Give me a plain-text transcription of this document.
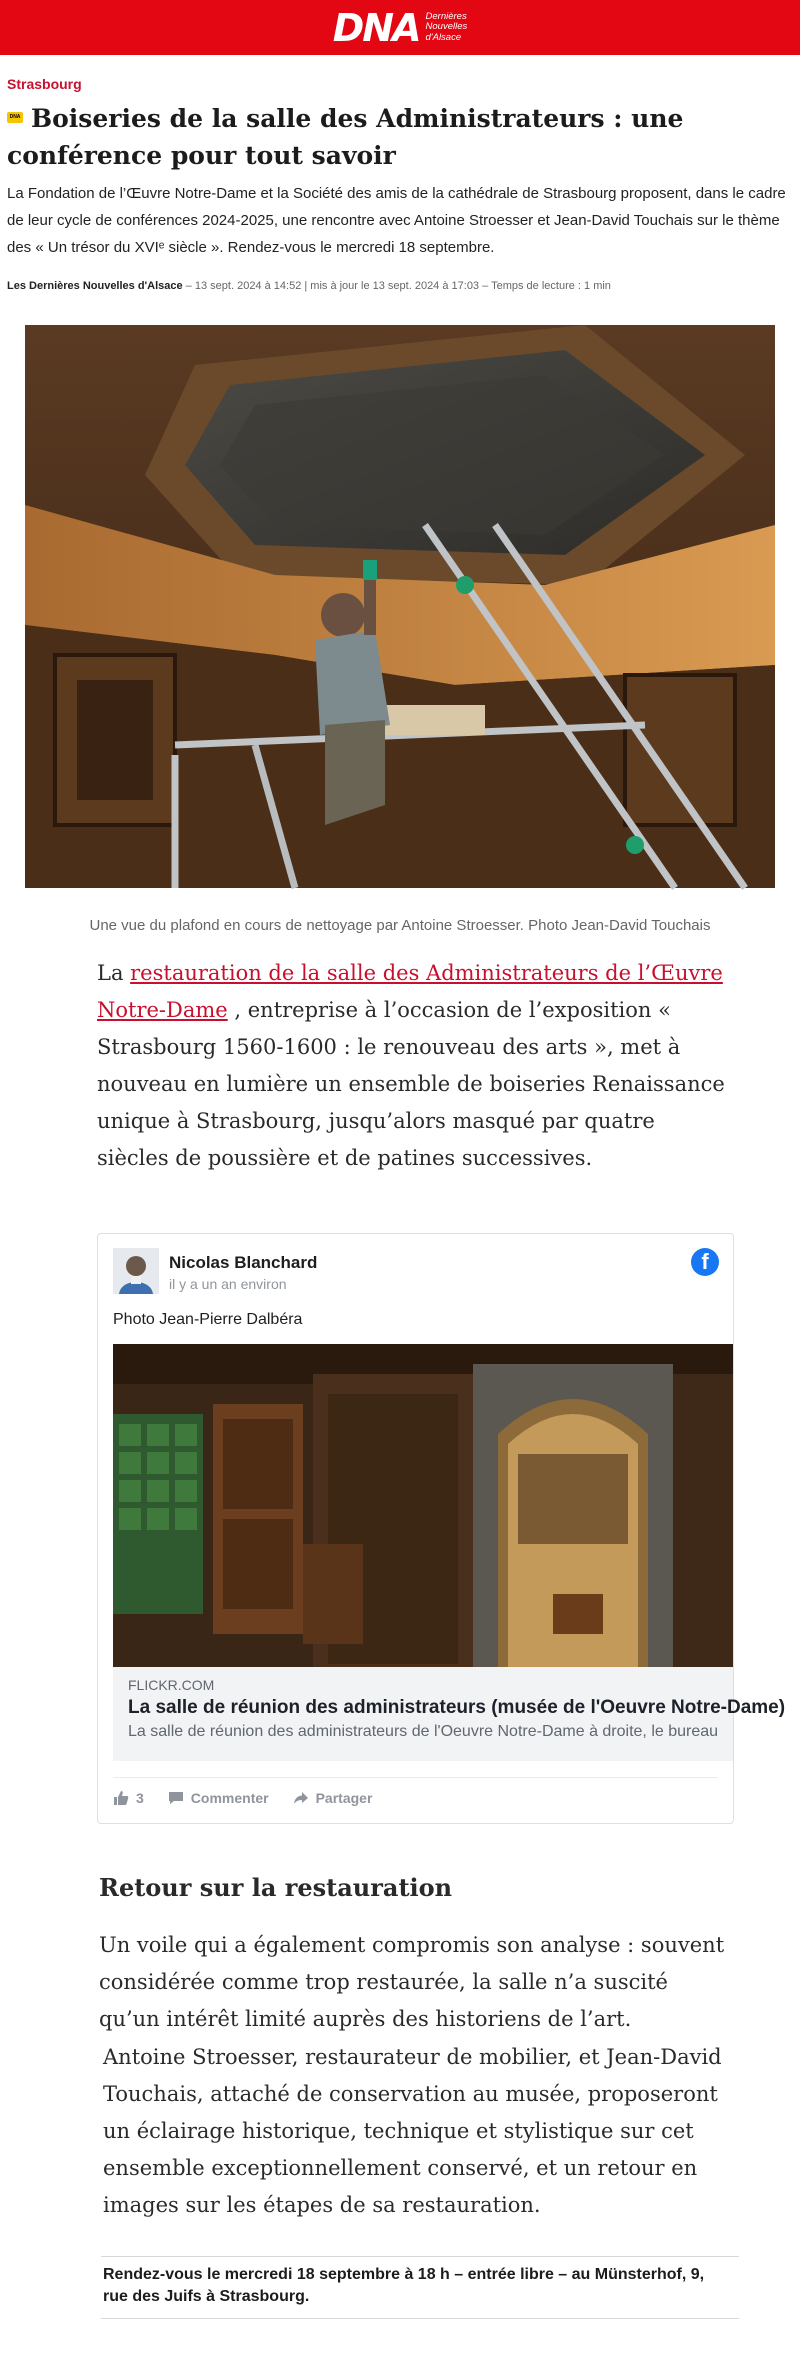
DNA Dernières
Nouvelles
d'Alsace
Strasbourg
DNA Boiseries de la salle des Administrateurs : une conférence pour tout savoir

La Fondation de l’Œuvre Notre-Dame et la Société des amis de la cathédrale de Strasbourg proposent, dans le cadre de leur cycle de conférences 2024-2025, une rencontre avec Antoine Stroesser et Jean-David Touchais sur le thème des « Un trésor du XVIᵉ siècle ». Rendez-vous le mercredi 18 septembre.

Les Dernières Nouvelles d'Alsace – 13 sept. 2024 à 14:52 | mis à jour le 13 sept. 2024 à 17:03 – Temps de lecture : 1 min

Une vue du plafond en cours de nettoyage par Antoine Stroesser. Photo Jean-David Touchais

La restauration de la salle des Administrateurs de l’Œuvre Notre-Dame , entreprise à l’occasion de l’exposition « Strasbourg 1560-1600 : le renouveau des arts », met à nouveau en lumière un ensemble de boiseries Renaissance unique à Strasbourg, jusqu’alors masqué par quatre siècles de poussière et de patines successives.

Nicolas Blanchard
il y a un an environ
f
Photo Jean-Pierre Dalbéra
FLICKR.COM
La salle de réunion des administrateurs (musée de l'Oeuvre Notre-Dame)
La salle de réunion des administrateurs de l'Oeuvre Notre-Dame à droite, le bureau
3	Commenter	Partager
Retour sur la restauration

Un voile qui a également compromis son analyse : souvent considérée comme trop restaurée, la salle n’a suscité qu’un intérêt limité auprès des historiens de l’art.

Antoine Stroesser, restaurateur de mobilier, et Jean-David Touchais, attaché de conservation au musée, proposeront un éclairage historique, technique et stylistique sur cet ensemble exceptionnellement conservé, et un retour en images sur les étapes de sa restauration.

Rendez-vous le mercredi 18 septembre à 18 h – entrée libre – au Münsterhof, 9, rue des Juifs à Strasbourg.
